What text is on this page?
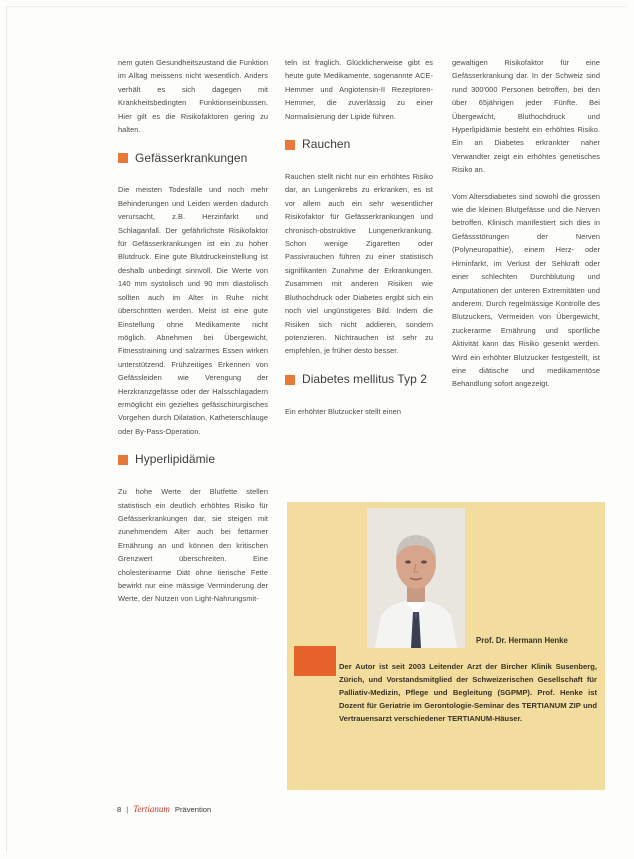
nem guten Gesundheitszustand die Funktion im Alltag meissens nicht wesentlich. Anders verhält es sich dagegen mit Krankheitsbedingten Funktionseinbussen. Hier gilt es die Risikofaktoren gering zu halten.

Gefässerkrankungen

Die meisten Todesfälle und noch mehr Behinderungen und Leiden werden dadurch verursacht, z.B. Herzinfarkt und Schlaganfall. Der gefährlichste Risikofaktor für Gefässerkrankungen ist ein zu hoher Blutdruck. Eine gute Blutdruckeinstellung ist deshalb unbedingt sinnvoll. Die Werte von 140 mm systolisch und 90 mm diastolisch sollten auch im Alter in Ruhe nicht überschritten werden. Meist ist eine gute Einstellung ohne Medikamente nicht möglich. Abnehmen bei Übergewicht, Fitnesstraining und salzarmes Essen wirken unterstützend. Frühzeitiges Erkennen von Gefässleiden wie Verengung der Herzkranzgefässe oder der Halsschlagadern ermöglicht ein gezieltes gefässchirurgisches Vorgehen durch Dilatation, Katheterschlauge oder By-Pass-Operation.

Hyperlipidämie

Zu hohe Werte der Blutfette stellen statistisch ein deutlich erhöhtes Risiko für Gefässerkrankungen dar, sie steigen mit zunehmendem Alter auch bei fettarmer Ernährung an und können den kritischen Grenzwert überschreiten. Eine cholesterinarme Diät ohne tierische Fette bewirkt nur eine mässige Verminderung der Werte, der Nutzen von Light-Nahrungsmit-

teln ist fraglich. Glücklicherweise gibt es heute gute Medikamente, sogenannte ACE-Hemmer und Angiotensin-II Rezeptoren-Hemmer, die zuverlässig zu einer Normalisierung der Lipide führen.

Rauchen

Rauchen stellt nicht nur ein erhöhtes Risiko dar, an Lungenkrebs zu erkranken, es ist vor allem auch ein sehr wesentlicher Risikofaktor für Gefässerkrankungen und chronisch-obstruktive Lungenerkrankung. Schon wenige Zigaretten oder Passivrauchen führen zu einer statistisch signifikanten Zunahme der Erkrankungen. Zusammen mit anderen Risiken wie Bluthochdruck oder Diabetes ergibt sich ein noch viel ungünstigeres Bild. Indem die Risiken sich nicht addieren, sondern potenzieren. Nichtrauchen ist sehr zu empfehlen, je früher desto besser.

Diabetes mellitus Typ 2

Ein erhöhter Blutzucker stellt einen

gewaltigen Risikofaktor für eine Gefässerkrankung dar. In der Schweiz sind rund 300'000 Personen betroffen, bei den über 65jährigen jeder Fünfte. Bei Übergewicht, Bluthochdruck und Hyperlipidämie besteht ein erhöhtes Risiko. Ein an Diabetes erkrankter naher Verwandter zeigt ein erhöhtes genetisches Risiko an.

Vom Altersdiabetes sind sowohl die grossen wie die kleinen Blutgefässe und die Nerven betroffen. Klinisch manifestiert sich dies in Gefässstörungen der Nerven (Polyneuropathie), einem Herz- oder Hirninfarkt, im Verlust der Sehkraft oder einer schlechten Durchblutung und Amputationen der unteren Extremitäten und anderem. Durch regelmässige Kontrolle des Blutzuckers, Vermeiden von Übergewicht, zuckerarme Ernährung und sportliche Aktivität kann das Risiko gesenkt werden. Wird ein erhöhter Blutzucker festgestellt, ist eine diätische und medikamentöse Behandlung sofort angezeigt.

Prof. Dr. Hermann Henke
Der Autor ist seit 2003 Leitender Arzt der Bircher Klinik Susenberg, Zürich, und Vorstandsmitglied der Schweizerischen Gesellschaft für Palliativ-Medizin, Pflege und Begleitung (SGPMP). Prof. Henke ist Dozent für Geriatrie im Gerontologie-Seminar des TERTIANUM ZIP und Vertrauensarzt verschiedener TERTIANUM-Häuser.
8 | Tertianum Prävention
